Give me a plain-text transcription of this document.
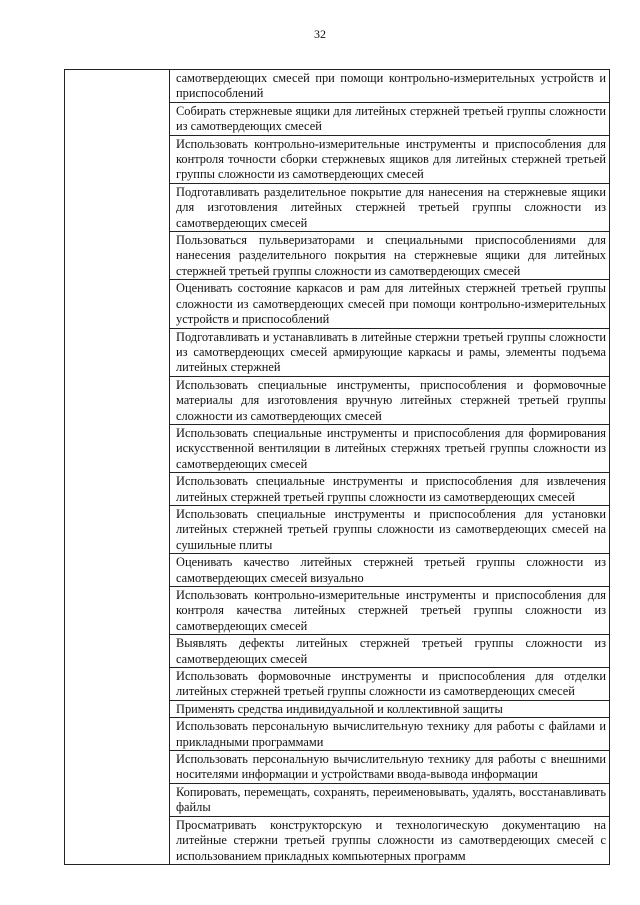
32

самотвердеющих смесей при помощи контрольно-измерительных устройств и приспособлений

Собирать стержневые ящики для литейных стержней третьей группы сложности из самотвердеющих смесей

Использовать контрольно-измерительные инструменты и приспособления для контроля точности сборки стержневых ящиков для литейных стержней третьей группы сложности из самотвердеющих смесей

Подготавливать разделительное покрытие для нанесения на стержневые ящики для изготовления литейных стержней третьей группы сложности из самотвердеющих смесей

Пользоваться пульверизаторами и специальными приспособлениями для нанесения разделительного покрытия на стержневые ящики для литейных стержней третьей группы сложности из самотвердеющих смесей

Оценивать состояние каркасов и рам для литейных стержней третьей группы сложности из самотвердеющих смесей при помощи контрольно-измерительных устройств и приспособлений

Подготавливать и устанавливать в литейные стержни третьей группы сложности из самотвердеющих смесей армирующие каркасы и рамы, элементы подъема литейных стержней

Использовать специальные инструменты, приспособления и формовочные материалы для изготовления вручную литейных стержней третьей группы сложности из самотвердеющих смесей

Использовать специальные инструменты и приспособления для формирования искусственной вентиляции в литейных стержнях третьей группы сложности из самотвердеющих смесей

Использовать специальные инструменты и приспособления для извлечения литейных стержней третьей группы сложности из самотвердеющих смесей

Использовать специальные инструменты и приспособления для установки литейных стержней третьей группы сложности из самотвердеющих смесей на сушильные плиты

Оценивать качество литейных стержней третьей группы сложности из самотвердеющих смесей визуально

Использовать контрольно-измерительные инструменты и приспособления для контроля качества литейных стержней третьей группы сложности из самотвердеющих смесей

Выявлять дефекты литейных стержней третьей группы сложности из самотвердеющих смесей

Использовать формовочные инструменты и приспособления для отделки литейных стержней третьей группы сложности из самотвердеющих смесей

Применять средства индивидуальной и коллективной защиты

Использовать персональную вычислительную технику для работы с файлами и прикладными программами

Использовать персональную вычислительную технику для работы с внешними носителями информации и устройствами ввода-вывода информации

Копировать, перемещать, сохранять, переименовывать, удалять, восстанавливать файлы

Просматривать конструкторскую и технологическую документацию на литейные стержни третьей группы сложности из самотвердеющих смесей с использованием прикладных компьютерных программ
